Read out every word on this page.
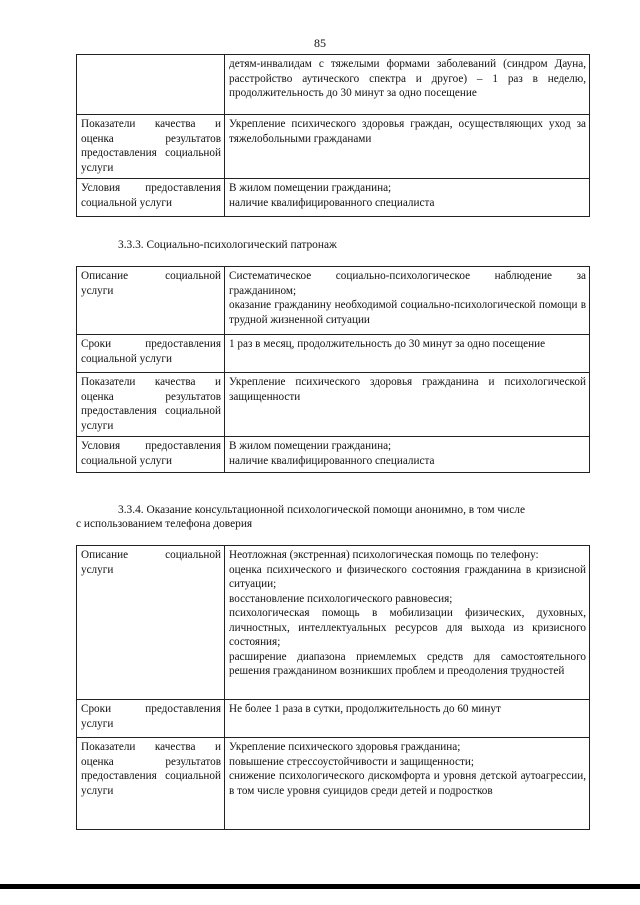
85

	детям-инвалидам с тяжелыми формами заболеваний (синдром Дауна, расстройство аутического спектра и другое) – 1 раз в неделю, продолжительность до 30 минут за одно посещение

Показатели качества и оценка результатов предоставления социальной услуги	Укрепление психического здоровья граждан, осуществляющих уход за тяжелобольными гражданами

Условия предоставления социальной услуги	В жилом помещении гражданина;
наличие квалифицированного специалиста
3.3.3. Социально-психологический патронаж
Описание социальной услуги	Систематическое социально-психологическое наблюдение за гражданином;
оказание гражданину необходимой социально-психологической помощи в трудной жизненной ситуации

Сроки предоставления социальной услуги	1 раз в месяц, продолжительность до 30 минут за одно посещение

Показатели качества и оценка результатов предоставления социальной услуги	Укрепление психического здоровья гражданина и психологической защищенности

Условия предоставления социальной услуги	В жилом помещении гражданина;
наличие квалифицированного специалиста
3.3.4. Оказание консультационной психологической помощи анонимно, в том числе
с использованием телефона доверия
Описание социальной услуги	Неотложная (экстренная) психологическая помощь по телефону:
оценка психического и физического состояния гражданина в кризисной ситуации;
восстановление психологического равновесия;
психологическая помощь в мобилизации физических, духовных, личностных, интеллектуальных ресурсов для выхода из кризисного состояния;
расширение диапазона приемлемых средств для самостоятельного решения гражданином возникших проблем и преодоления трудностей

Сроки предоставления услуги	Не более 1 раза в сутки, продолжительность до 60 минут

Показатели качества и оценка результатов предоставления социальной услуги	Укрепление психического здоровья гражданина;
повышение стрессоустойчивости и защищенности;
снижение психологического дискомфорта и уровня детской аутоагрессии, в том числе уровня суицидов среди детей и подростков
